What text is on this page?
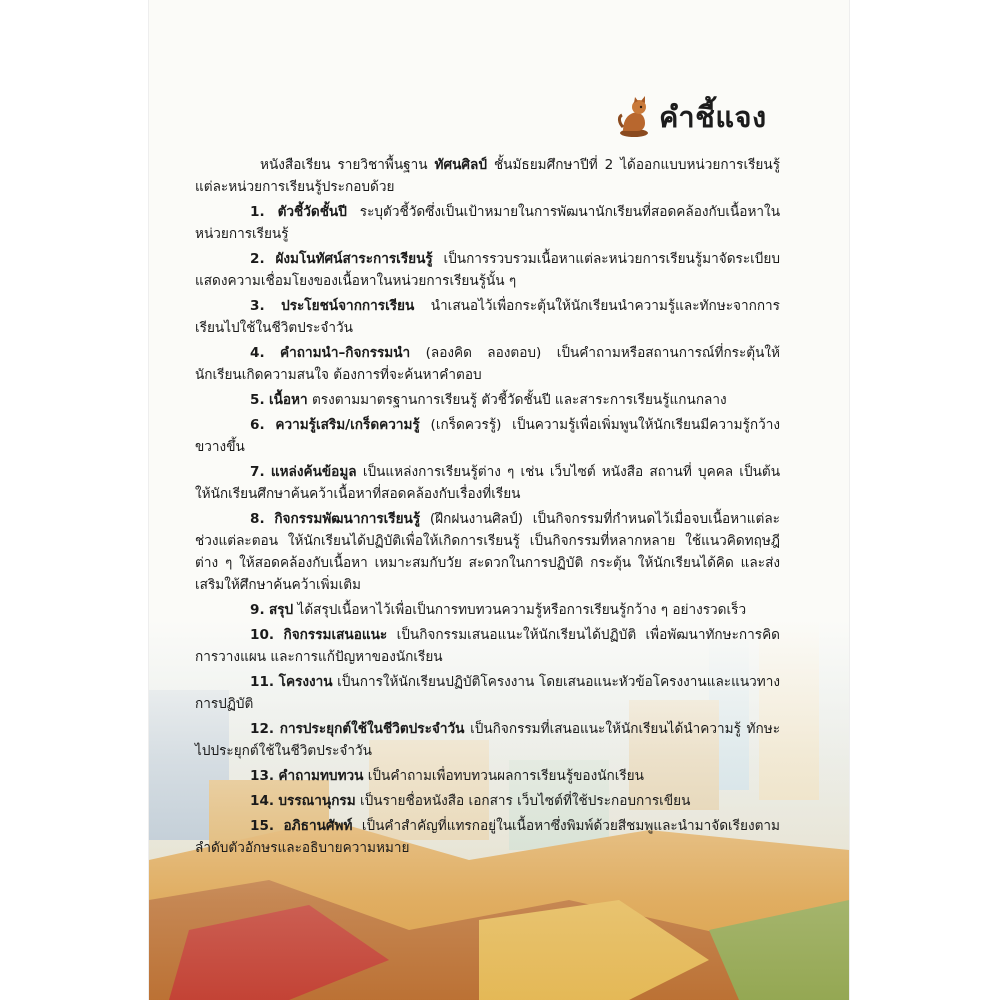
คำชี้แจง

หนังสือเรียน รายวิชาพื้นฐาน ทัศนศิลป์ ชั้นมัธยมศึกษาปีที่ 2 ได้ออกแบบหน่วยการเรียนรู้ แต่ละหน่วยการเรียนรู้ประกอบด้วย

1. ตัวชี้วัดชั้นปี ระบุตัวชี้วัดซึ่งเป็นเป้าหมายในการพัฒนานักเรียนที่สอดคล้องกับเนื้อหาในหน่วยการเรียนรู้

2. ผังมโนทัศน์สาระการเรียนรู้ เป็นการรวบรวมเนื้อหาแต่ละหน่วยการเรียนรู้มาจัดระเบียบแสดงความเชื่อมโยงของเนื้อหาในหน่วยการเรียนรู้นั้น ๆ

3. ประโยชน์จากการเรียน นำเสนอไว้เพื่อกระตุ้นให้นักเรียนนำความรู้และทักษะจากการเรียนไปใช้ในชีวิตประจำวัน

4. คำถามนำ–กิจกรรมนำ (ลองคิด ลองตอบ) เป็นคำถามหรือสถานการณ์ที่กระตุ้นให้นักเรียนเกิดความสนใจ ต้องการที่จะค้นหาคำตอบ

5. เนื้อหา ตรงตามมาตรฐานการเรียนรู้ ตัวชี้วัดชั้นปี และสาระการเรียนรู้แกนกลาง

6. ความรู้เสริม/เกร็ดความรู้ (เกร็ดควรรู้) เป็นความรู้เพื่อเพิ่มพูนให้นักเรียนมีความรู้กว้างขวางขึ้น

7. แหล่งค้นข้อมูล เป็นแหล่งการเรียนรู้ต่าง ๆ เช่น เว็บไซต์ หนังสือ สถานที่ บุคคล เป็นต้น ให้นักเรียนศึกษาค้นคว้าเนื้อหาที่สอดคล้องกับเรื่องที่เรียน

8. กิจกรรมพัฒนาการเรียนรู้ (ฝึกฝนงานศิลป์) เป็นกิจกรรมที่กำหนดไว้เมื่อจบเนื้อหาแต่ละช่วงแต่ละตอน ให้นักเรียนได้ปฏิบัติเพื่อให้เกิดการเรียนรู้ เป็นกิจกรรมที่หลากหลาย ใช้แนวคิดทฤษฎีต่าง ๆ ให้สอดคล้องกับเนื้อหา เหมาะสมกับวัย สะดวกในการปฏิบัติ กระตุ้น ให้นักเรียนได้คิด และส่งเสริมให้ศึกษาค้นคว้าเพิ่มเติม

9. สรุป ได้สรุปเนื้อหาไว้เพื่อเป็นการทบทวนความรู้หรือการเรียนรู้กว้าง ๆ อย่างรวดเร็ว

10. กิจกรรมเสนอแนะ เป็นกิจกรรมเสนอแนะให้นักเรียนได้ปฏิบัติ เพื่อพัฒนาทักษะการคิด การวางแผน และการแก้ปัญหาของนักเรียน

11. โครงงาน เป็นการให้นักเรียนปฏิบัติโครงงาน โดยเสนอแนะหัวข้อโครงงานและแนวทางการปฏิบัติ

12. การประยุกต์ใช้ในชีวิตประจำวัน เป็นกิจกรรมที่เสนอแนะให้นักเรียนได้นำความรู้ ทักษะไปประยุกต์ใช้ในชีวิตประจำวัน

13. คำถามทบทวน เป็นคำถามเพื่อทบทวนผลการเรียนรู้ของนักเรียน

14. บรรณานุกรม เป็นรายชื่อหนังสือ เอกสาร เว็บไซต์ที่ใช้ประกอบการเขียน

15. อภิธานศัพท์ เป็นคำสำคัญที่แทรกอยู่ในเนื้อหาซึ่งพิมพ์ด้วยสีชมพูและนำมาจัดเรียงตามลำดับตัวอักษรและอธิบายความหมาย
